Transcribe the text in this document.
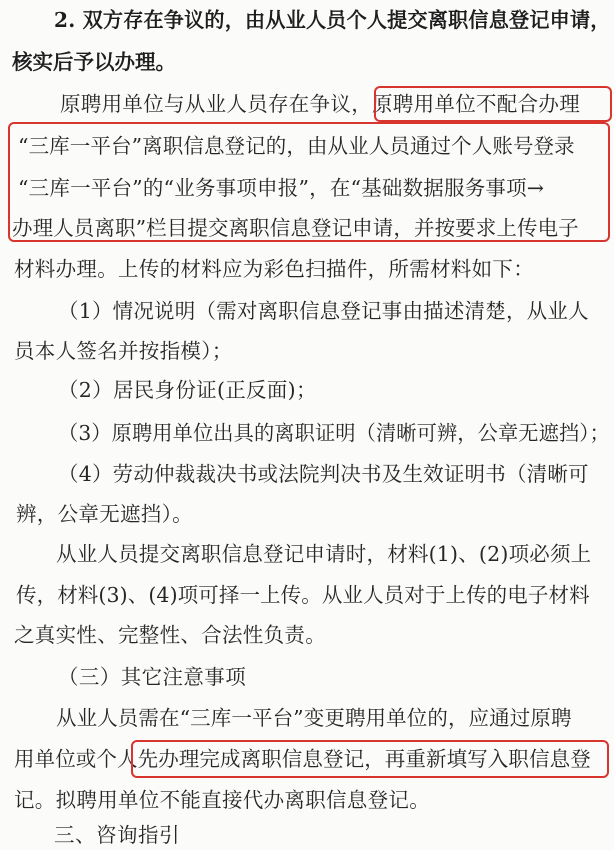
2. 双方存在争议的，由从业人员个人提交离职信息登记申请，
核实后予以办理。
原聘用单位与从业人员存在争议，原聘用单位不配合办理
“三库一平台”离职信息登记的，由从业人员通过个人账号登录
“三库一平台”的“业务事项申报”，在“基础数据服务事项→
办理人员离职”栏目提交离职信息登记申请，并按要求上传电子
材料办理。上传的材料应为彩色扫描件，所需材料如下：
（1）情况说明（需对离职信息登记事由描述清楚，从业人
员本人签名并按指模）；
（2）居民身份证(正反面)；
（3）原聘用单位出具的离职证明（清晰可辨，公章无遮挡）；
（4）劳动仲裁裁决书或法院判决书及生效证明书（清晰可
辨，公章无遮挡）。
从业人员提交离职信息登记申请时，材料(1)、(2)项必须上
传，材料(3)、(4)项可择一上传。从业人员对于上传的电子材料
之真实性、完整性、合法性负责。
（三）其它注意事项
从业人员需在“三库一平台”变更聘用单位的，应通过原聘
用单位或个人先办理完成离职信息登记，再重新填写入职信息登
记。拟聘用单位不能直接代办离职信息登记。
三、咨询指引
